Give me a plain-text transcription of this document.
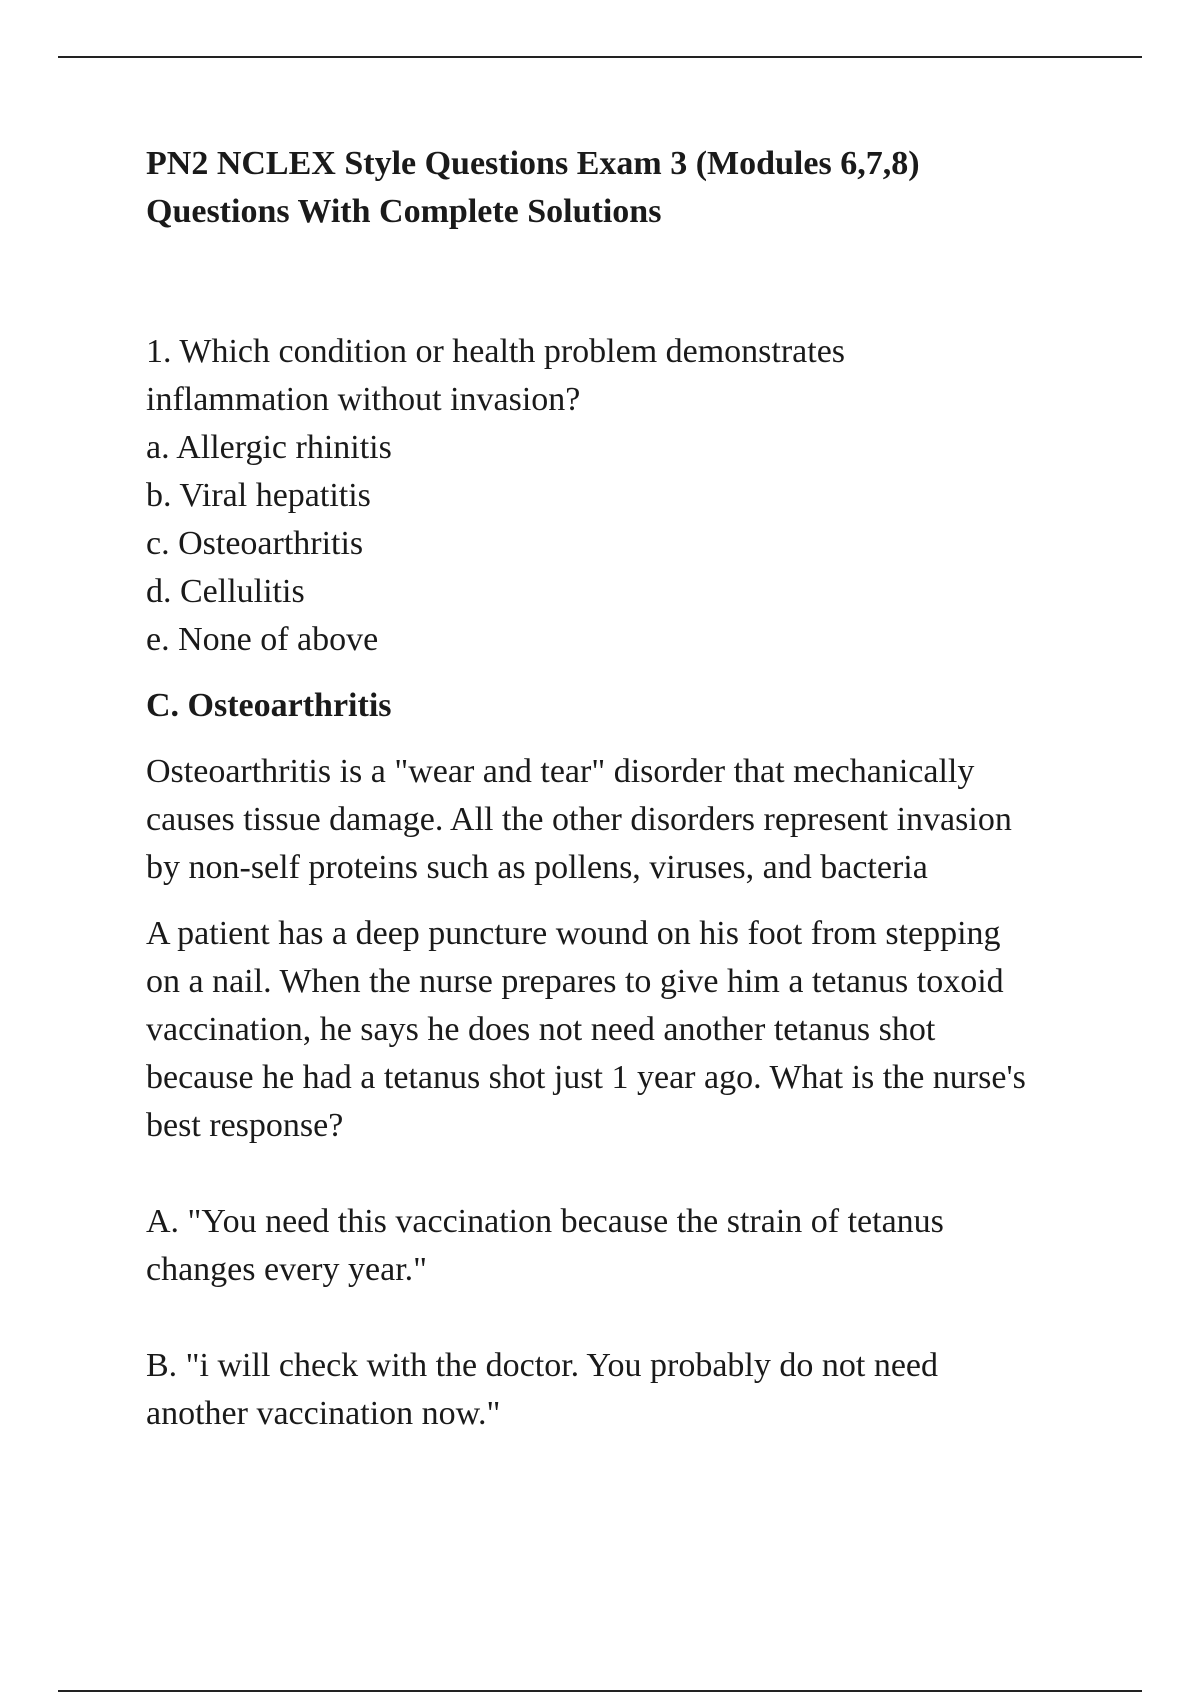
PN2 NCLEX Style Questions Exam 3 (Modules 6,7,8)
Questions With Complete Solutions
1. Which condition or health problem demonstrates
inflammation without invasion?
a. Allergic rhinitis
b. Viral hepatitis
c. Osteoarthritis
d. Cellulitis
e. None of above
C. Osteoarthritis
Osteoarthritis is a "wear and tear" disorder that mechanically
causes tissue damage. All the other disorders represent invasion
by non-self proteins such as pollens, viruses, and bacteria
A patient has a deep puncture wound on his foot from stepping
on a nail. When the nurse prepares to give him a tetanus toxoid
vaccination, he says he does not need another tetanus shot
because he had a tetanus shot just 1 year ago. What is the nurse's
best response?
A. "You need this vaccination because the strain of tetanus
changes every year."
B. "i will check with the doctor. You probably do not need
another vaccination now."
